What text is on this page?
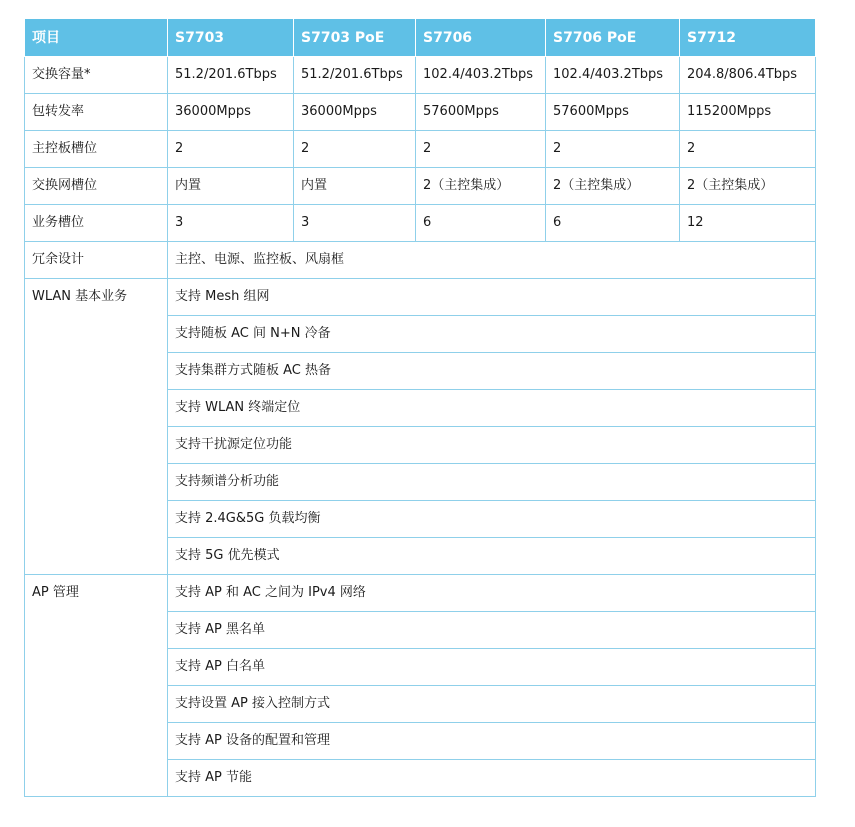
项目	S7703	S7703 PoE	S7706	S7706 PoE	S7712
交换容量*	51.2/201.6Tbps	51.2/201.6Tbps	102.4/403.2Tbps	102.4/403.2Tbps	204.8/806.4Tbps
包转发率	36000Mpps	36000Mpps	57600Mpps	57600Mpps	115200Mpps
主控板槽位	2	2	2	2	2
交换网槽位	内置	内置	2（主控集成）	2（主控集成）	2（主控集成）
业务槽位	3	3	6	6	12
冗余设计	主控、电源、监控板、风扇框				
WLAN 基本业务	支持 Mesh 组网				
	支持随板 AC 间 N+N 冷备				
	支持集群方式随板 AC 热备				
	支持 WLAN 终端定位				
	支持干扰源定位功能				
	支持频谱分析功能				
	支持 2.4G&5G 负载均衡				
	支持 5G 优先模式				
AP 管理	支持 AP 和 AC 之间为 IPv4 网络				
	支持 AP 黑名单				
	支持 AP 白名单				
	支持设置 AP 接入控制方式				
	支持 AP 设备的配置和管理				
	支持 AP 节能				
